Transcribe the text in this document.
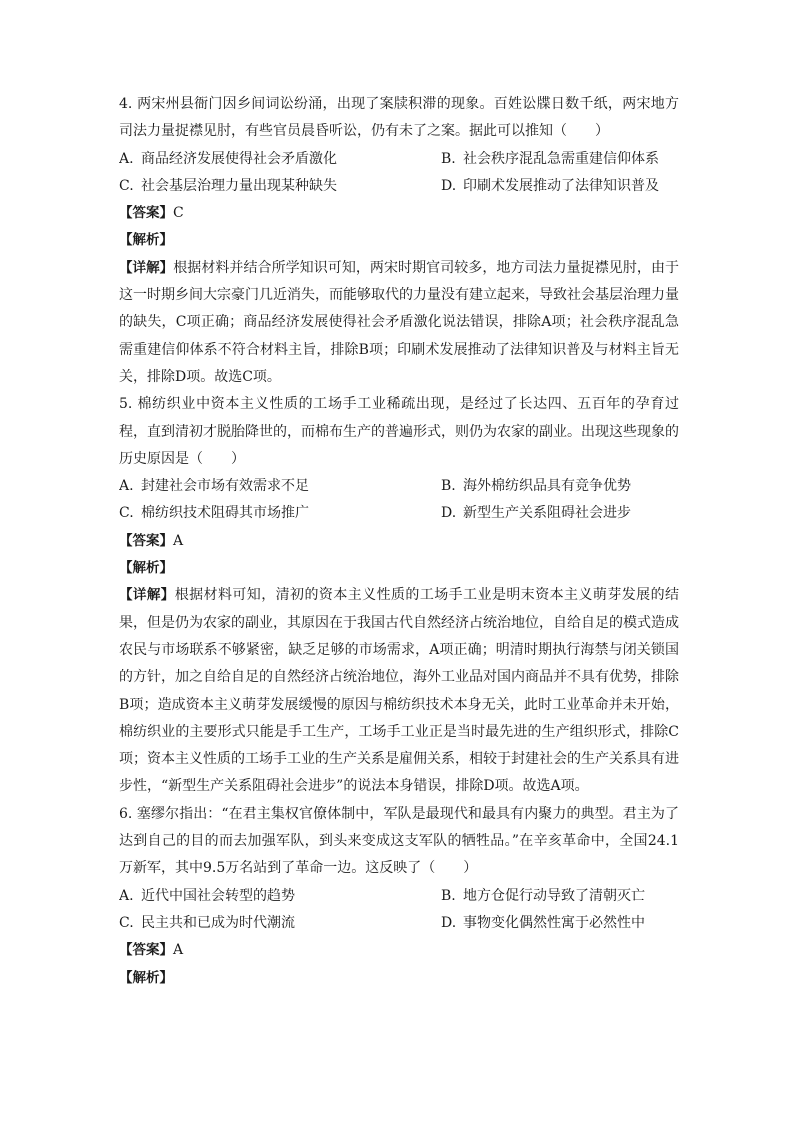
4. 两宋州县衙门因乡间词讼纷涌，出现了案牍积滞的现象。百姓讼牒日数千纸，两宋地方司法力量捉襟见肘，有些官员晨昏听讼，仍有未了之案。据此可以推知（　　）

A. 商品经济发展使得社会矛盾激化	B. 社会秩序混乱急需重建信仰体系
C. 社会基层治理力量出现某种缺失	D. 印刷术发展推动了法律知识普及
【答案】C
【解析】

【详解】根据材料并结合所学知识可知，两宋时期官司较多，地方司法力量捉襟见肘，由于这一时期乡间大宗豪门几近消失，而能够取代的力量没有建立起来，导致社会基层治理力量的缺失，C项正确；商品经济发展使得社会矛盾激化说法错误，排除A项；社会秩序混乱急需重建信仰体系不符合材料主旨，排除B项；印刷术发展推动了法律知识普及与材料主旨无关，排除D项。故选C项。

5. 棉纺织业中资本主义性质的工场手工业稀疏出现，是经过了长达四、五百年的孕育过程，直到清初才脱胎降世的，而棉布生产的普遍形式，则仍为农家的副业。出现这些现象的历史原因是（　　）

A. 封建社会市场有效需求不足	B. 海外棉纺织品具有竞争优势
C. 棉纺织技术阻碍其市场推广	D. 新型生产关系阻碍社会进步
【答案】A
【解析】

【详解】根据材料可知，清初的资本主义性质的工场手工业是明末资本主义萌芽发展的结果，但是仍为农家的副业，其原因在于我国古代自然经济占统治地位，自给自足的模式造成农民与市场联系不够紧密，缺乏足够的市场需求，A项正确；明清时期执行海禁与闭关锁国的方针，加之自给自足的自然经济占统治地位，海外工业品对国内商品并不具有优势，排除B项；造成资本主义萌芽发展缓慢的原因与棉纺织技术本身无关，此时工业革命并未开始，棉纺织业的主要形式只能是手工生产，工场手工业正是当时最先进的生产组织形式，排除C项；资本主义性质的工场手工业的生产关系是雇佣关系，相较于封建社会的生产关系具有进步性，“新型生产关系阻碍社会进步”的说法本身错误，排除D项。故选A项。

6. 塞缪尔指出：“在君主集权官僚体制中，军队是最现代和最具有内聚力的典型。君主为了达到自己的目的而去加强军队，到头来变成这支军队的牺牲品。”在辛亥革命中，全国24.1万新军，其中9.5万名站到了革命一边。这反映了（　　）

A. 近代中国社会转型的趋势	B. 地方仓促行动导致了清朝灭亡
C. 民主共和已成为时代潮流	D. 事物变化偶然性寓于必然性中
【答案】A
【解析】
